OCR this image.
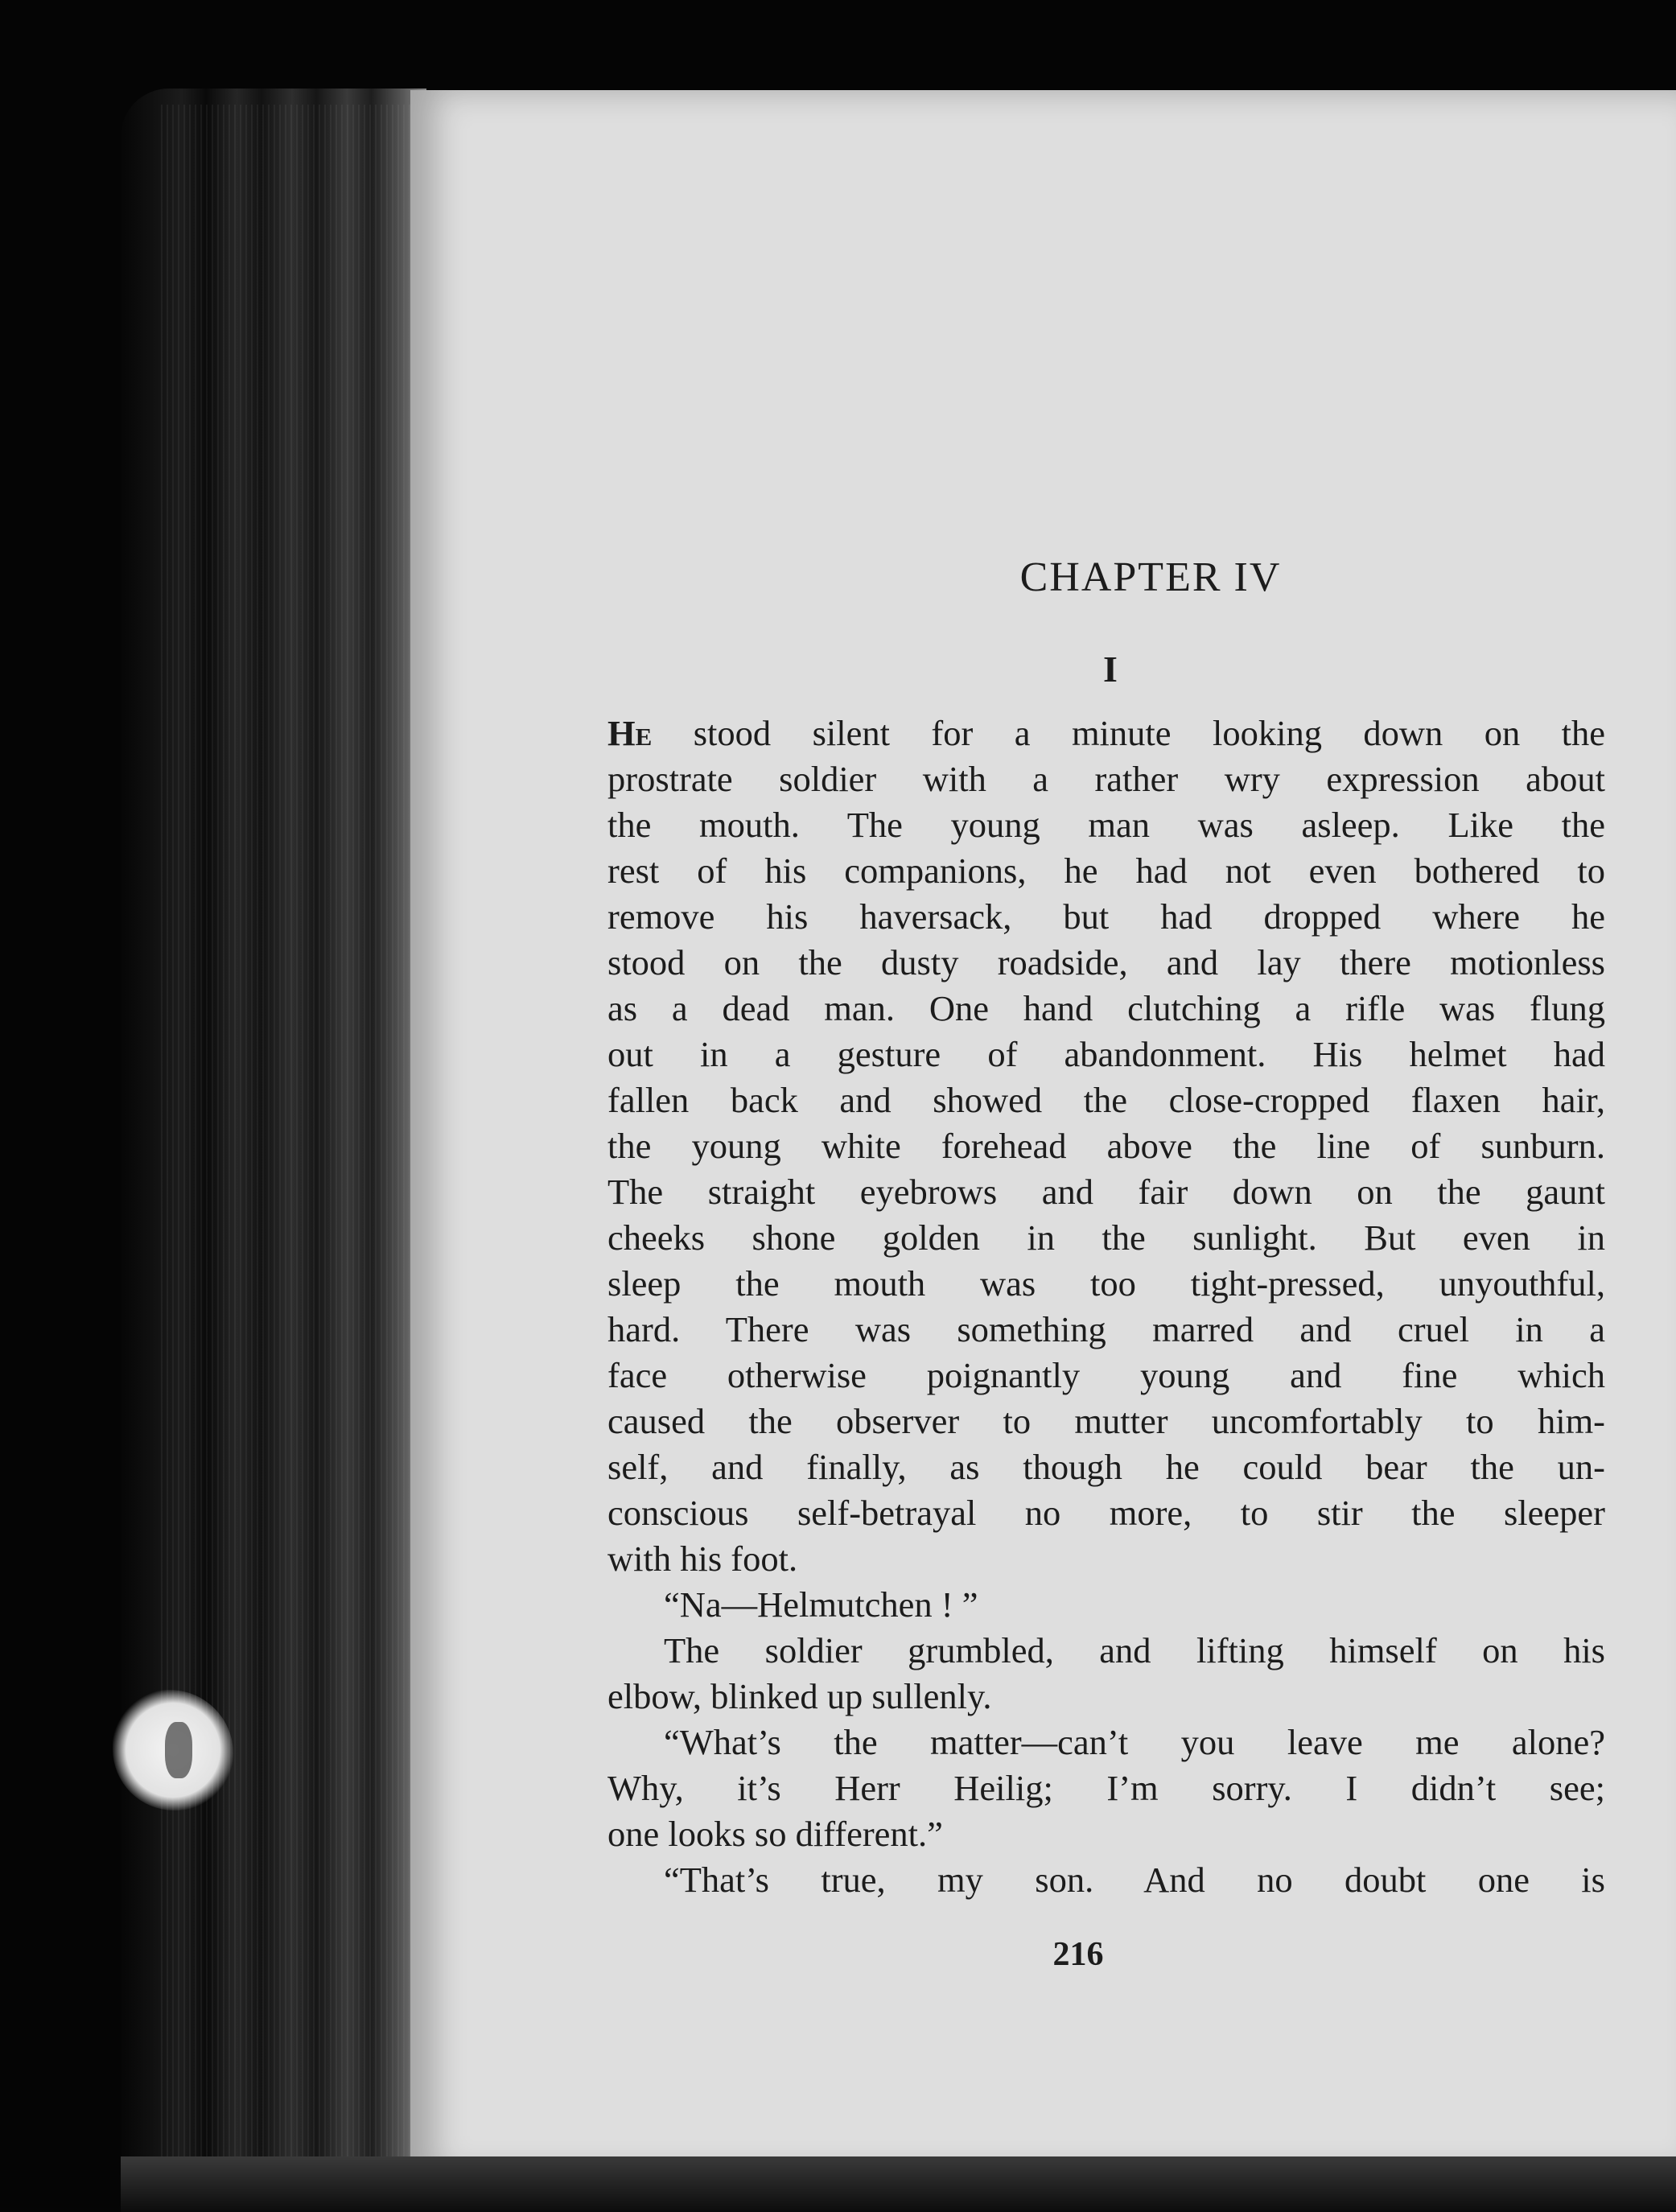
CHAPTER IV
I
He stood silent for a minute looking down on the
prostrate soldier with a rather wry expression about
the mouth. The young man was asleep. Like the
rest of his companions, he had not even bothered to
remove his haversack, but had dropped where he
stood on the dusty roadside, and lay there motionless
as a dead man. One hand clutching a rifle was flung
out in a gesture of abandonment. His helmet had
fallen back and showed the close-cropped flaxen hair,
the young white forehead above the line of sunburn.
The straight eyebrows and fair down on the gaunt
cheeks shone golden in the sunlight. But even in
sleep the mouth was too tight-pressed, unyouthful,
hard. There was something marred and cruel in a
face otherwise poignantly young and fine which
caused the observer to mutter uncomfortably to him-
self, and finally, as though he could bear the un-
conscious self-betrayal no more, to stir the sleeper
with his foot.
“Na—Helmutchen ! ”
The soldier grumbled, and lifting himself on his
elbow, blinked up sullenly.
“What’s the matter—can’t you leave me alone?
Why, it’s Herr Heilig; I’m sorry. I didn’t see;
one looks so different.”
“That’s true, my son. And no doubt one is
216
